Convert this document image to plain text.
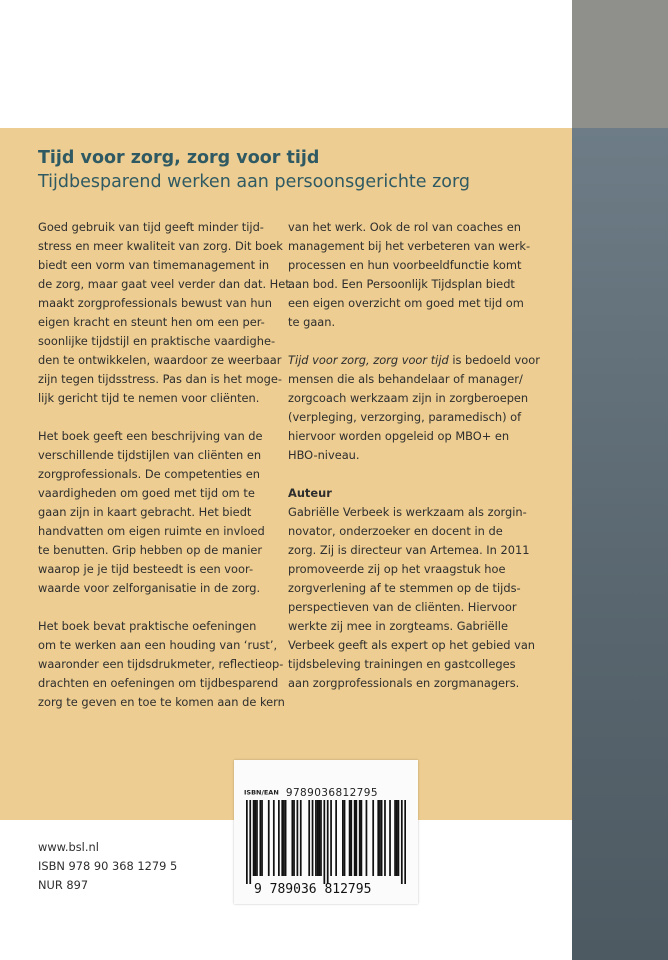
Tijd voor zorg, zorg voor tijd
Tijdbesparend werken aan persoonsgerichte zorg

Goed gebruik van tijd geeft minder tijd-
stress en meer kwaliteit van zorg. Dit boek
biedt een vorm van timemanagement in
de zorg, maar gaat veel verder dan dat. Het
maakt zorgprofessionals bewust van hun
eigen kracht en steunt hen om een per-
soonlijke tijdstijl en praktische vaardighe-
den te ontwikkelen, waardoor ze weerbaar
zijn tegen tijdsstress. Pas dan is het moge-
lijk gericht tijd te nemen voor cliënten.

Het boek geeft een beschrijving van de
verschillende tijdstijlen van cliënten en
zorgprofessionals. De competenties en
vaardigheden om goed met tijd om te
gaan zijn in kaart gebracht. Het biedt
handvatten om eigen ruimte en invloed
te benutten. Grip hebben op de manier
waarop je je tijd besteedt is een voor-
waarde voor zelforganisatie in de zorg.

Het boek bevat praktische oefeningen
om te werken aan een houding van ‘rust’,
waaronder een tijdsdrukmeter, reflectieop-
drachten en oefeningen om tijdbesparend
zorg te geven en toe te komen aan de kern

van het werk. Ook de rol van coaches en
management bij het verbeteren van werk-
processen en hun voorbeeldfunctie komt
aan bod. Een Persoonlijk Tijdsplan biedt
een eigen overzicht om goed met tijd om
te gaan.

Tijd voor zorg, zorg voor tijd is bedoeld voor
mensen die als behandelaar of manager/
zorgcoach werkzaam zijn in zorgberoepen
(verpleging, verzorging, paramedisch) of
hiervoor worden opgeleid op MBO+ en
HBO-niveau.

Auteur

Gabriëlle Verbeek is werkzaam als zorgin-
novator, onderzoeker en docent in de
zorg. Zij is directeur van Artemea. In 2011
promoveerde zij op het vraagstuk hoe
zorgverlening af te stemmen op de tijds-
perspectieven van de cliënten. Hiervoor
werkte zij mee in zorgteams. Gabriëlle
Verbeek geeft als expert op het gebied van
tijdsbeleving trainingen en gastcolleges
aan zorgprofessionals en zorgmanagers.

www.bsl.nl
ISBN 978 90 368 1279 5
NUR 897
ISBN/EAN 9789036812795
9 789036 812795
